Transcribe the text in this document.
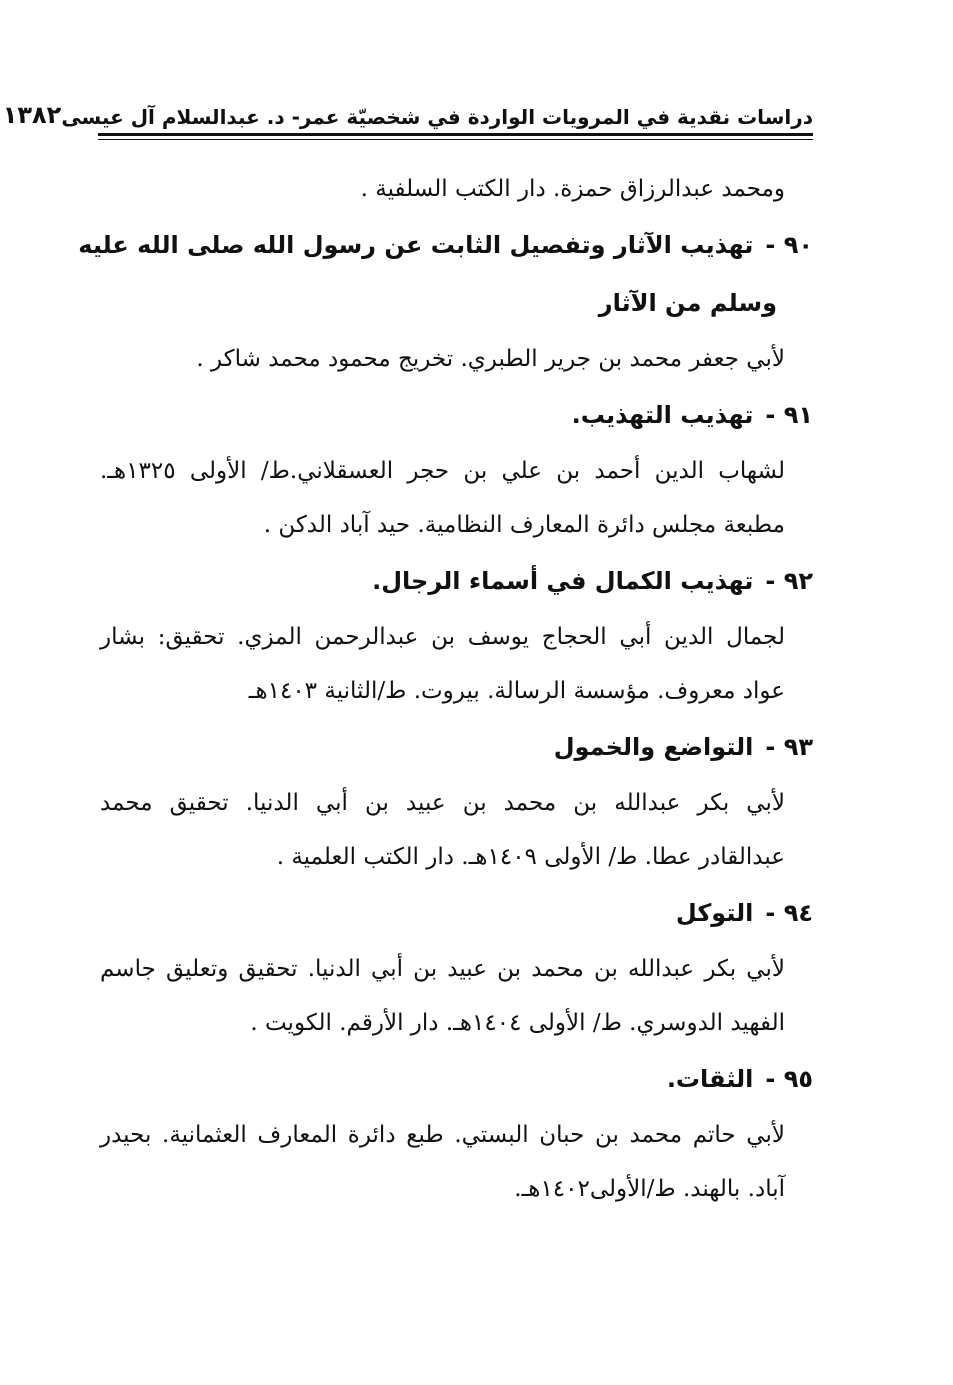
دراسات نقدية في المرويات الواردة في شخصيّة عمر- د. عبدالسلام آل عيسى
١٣٨٢
ومحمد عبدالرزاق حمزة. دار الكتب السلفية .
٩٠ -تهذيب الآثار وتفصيل الثابت عن رسول الله صلى الله عليه
وسلم من الآثار
لأبي جعفر محمد بن جرير الطبري. تخريج محمود محمد شاكر .
٩١ -تهذيب التهذيب.
لشهاب الدين أحمد بن علي بن حجر العسقلاني.ط/ الأولى ١٣٢٥هـ.
مطبعة مجلس دائرة المعارف النظامية. حيد آباد الدكن .
٩٢ -تهذيب الكمال في أسماء الرجال.
لجمال الدين أبي الحجاج يوسف بن عبدالرحمن المزي. تحقيق: بشار
عواد معروف. مؤسسة الرسالة. بيروت. ط/الثانية ١٤٠٣هـ
٩٣ -التواضع والخمول
لأبي بكر عبدالله بن محمد بن عبيد بن أبي الدنيا. تحقيق محمد
عبدالقادر عطا. ط/ الأولى ١٤٠٩هـ. دار الكتب العلمية .
٩٤ -التوكل
لأبي بكر عبدالله بن محمد بن عبيد بن أبي الدنيا. تحقيق وتعليق جاسم
الفهيد الدوسري. ط/ الأولى ١٤٠٤هـ. دار الأرقم. الكويت .
٩٥ -الثقات.
لأبي حاتم محمد بن حبان البستي. طبع دائرة المعارف العثمانية. بحيدر
آباد. بالهند. ط/الأولى١٤٠٢هـ.
